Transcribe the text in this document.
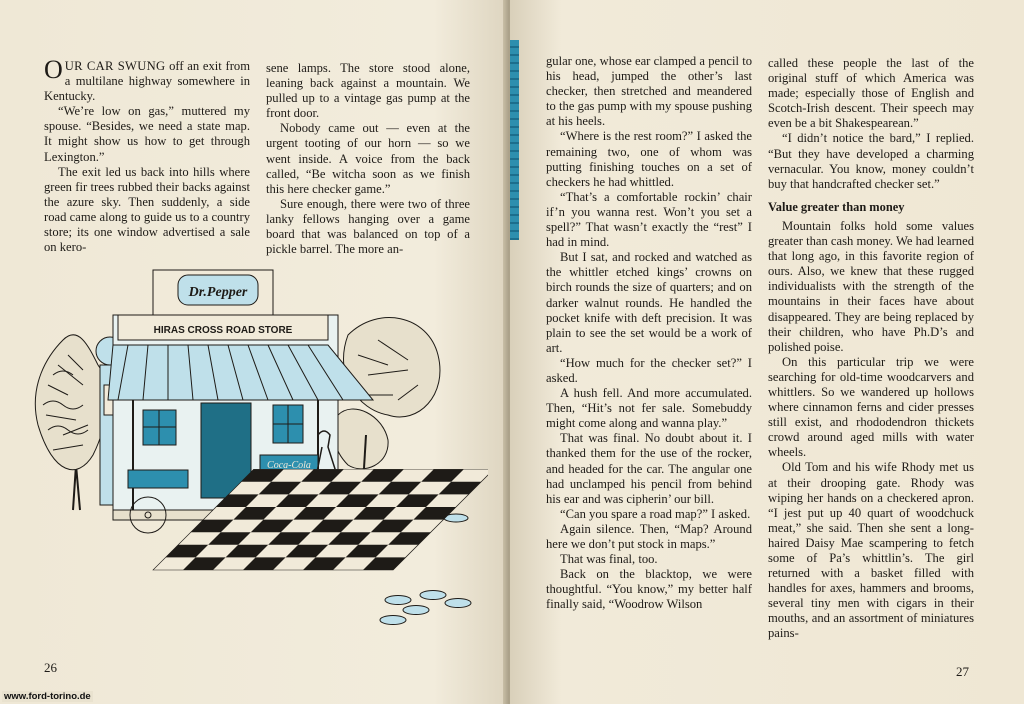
OUR CAR SWUNG off an exit from a multilane highway somewhere in Kentucky.

“We’re low on gas,” muttered my spouse. “Besides, we need a state map. It might show us how to get through Lexington.”

The exit led us back into hills where green fir trees rubbed their backs against the azure sky. Then suddenly, a side road came along to guide us to a country store; its one window advertised a sale on kero-

sene lamps. The store stood alone, leaning back against a mountain. We pulled up to a vintage gas pump at the front door.

Nobody came out — even at the urgent tooting of our horn — so we went inside. A voice from the back called, “Be witcha soon as we finish this here checker game.”

Sure enough, there were two of three lanky fellows hanging over a game board that was balanced on top of a pickle barrel. The more an-

Dr.Pepper
HIRAS CROSS ROAD STORE
Coca-Cola
26

gular one, whose ear clamped a pencil to his head, jumped the other’s last checker, then stretched and meandered to the gas pump with my spouse pushing at his heels.

“Where is the rest room?” I asked the remaining two, one of whom was putting finishing touches on a set of checkers he had whittled.

“That’s a comfortable rockin’ chair if’n you wanna rest. Won’t you set a spell?” That wasn’t exactly the “rest” I had in mind.

But I sat, and rocked and watched as the whittler etched kings’ crowns on birch rounds the size of quarters; and on darker walnut rounds. He handled the pocket knife with deft precision. It was plain to see the set would be a work of art.

“How much for the checker set?” I asked.

A hush fell. And more accumulated. Then, “Hit’s not fer sale. Somebuddy might come along and wanna play.”

That was final. No doubt about it. I thanked them for the use of the rocker, and headed for the car. The angular one had unclamped his pencil from behind his ear and was cipherin’ our bill.

“Can you spare a road map?” I asked.

Again silence. Then, “Map? Around here we don’t put stock in maps.”

That was final, too.

Back on the blacktop, we were thoughtful. “You know,” my better half finally said, “Woodrow Wilson

called these people the last of the original stuff of which America was made; especially those of English and Scotch-Irish descent. Their speech may even be a bit Shakespearean.”

“I didn’t notice the bard,” I replied. “But they have developed a charming vernacular. You know, money couldn’t buy that handcrafted checker set.”

Value greater than money

Mountain folks hold some values greater than cash money. We had learned that long ago, in this favorite region of ours. Also, we knew that these rugged individualists with the strength of the mountains in their faces have about disappeared. They are being replaced by their children, who have Ph.D’s and polished poise.

On this particular trip we were searching for old-time woodcarvers and whittlers. So we wandered up hollows where cinnamon ferns and cider presses still exist, and rhododendron thickets crowd around aged mills with water wheels.

Old Tom and his wife Rhody met us at their drooping gate. Rhody was wiping her hands on a checkered apron. “I jest put up 40 quart of woodchuck meat,” she said. Then she sent a long-haired Daisy Mae scampering to fetch some of Pa’s whittlin’s. The girl returned with a basket filled with handles for axes, hammers and brooms, several tiny men with cigars in their mouths, and an assortment of miniatures pains-

27
www.ford-torino.de
